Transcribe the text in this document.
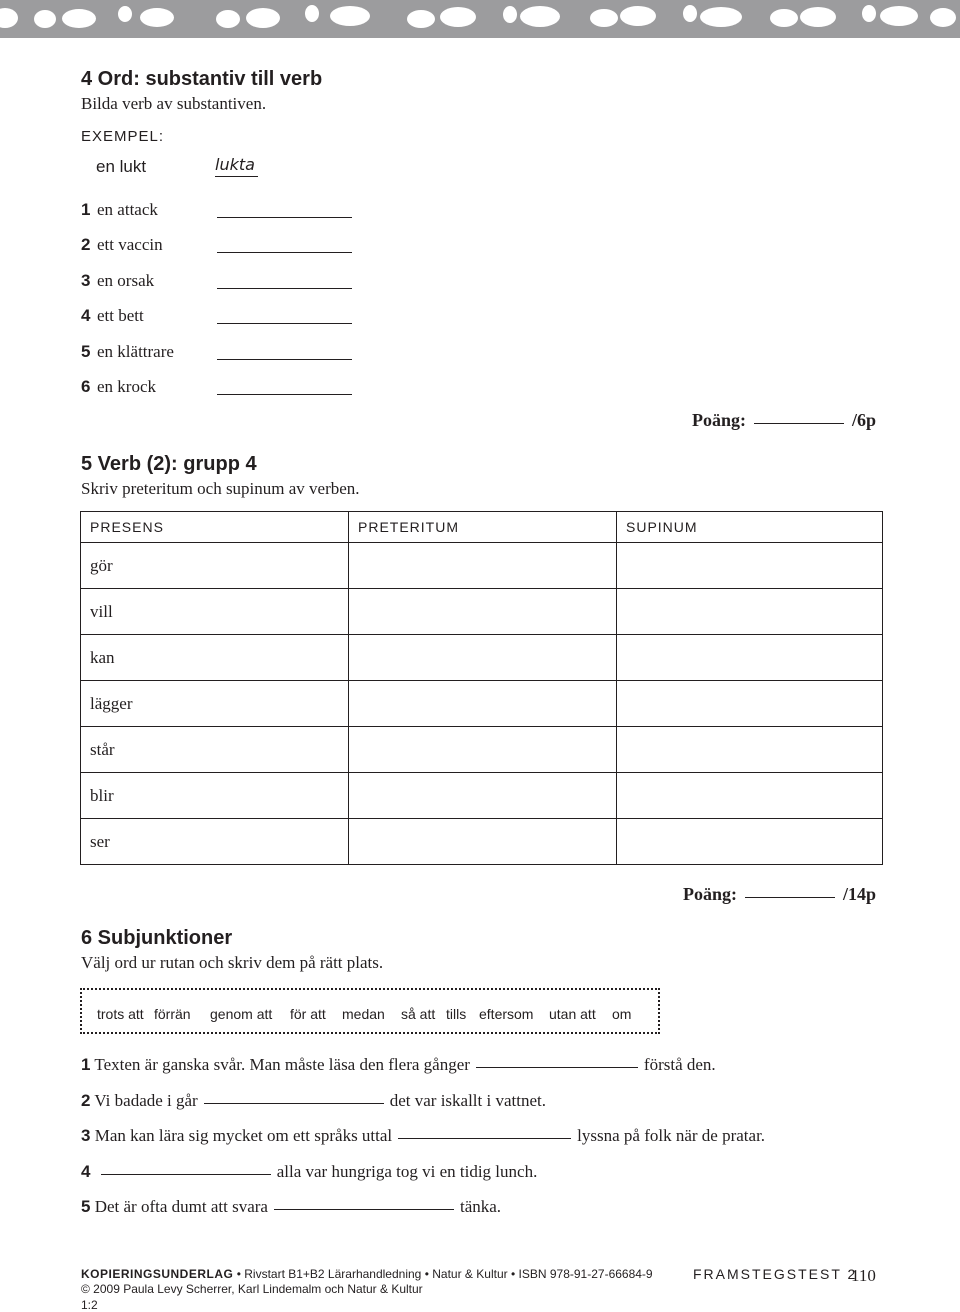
4 Ord: substantiv till verb
Bilda verb av substantiven.
EXEMPEL:
en lukt	lukta
1 en attack
2 ett vaccin
3 en orsak
4 ett bett
5 en klättrare
6 en krock
Poäng:	/6p
5 Verb (2): grupp 4
Skriv preteritum och supinum av verben.
PRESENS	PRETERITUM	SUPINUM
gör		
vill		
kan		
lägger		
står		
blir		
ser		
Poäng:	/14p
6 Subjunktioner
Välj ord ur rutan och skriv dem på rätt plats.
trots att förrän genom att för att medan så att tills eftersom utan att om
1 Texten är ganska svår. Man måste läsa den flera gånger	förstå den.
2 Vi badade i går	det var iskallt i vattnet.
3 Man kan lära sig mycket om ett språks uttal	lyssna på folk när de pratar.
4	alla var hungriga tog vi en tidig lunch.
5 Det är ofta dumt att svara	tänka.
KOPIERINGSUNDERLAG • Rivstart B1+B2 Lärarhandledning • Natur & Kultur • ISBN 978-91-27-66684-9
© 2009 Paula Levy Scherrer, Karl Lindemalm och Natur & Kultur
1:2
FRAMSTEGSTEST 2
110
